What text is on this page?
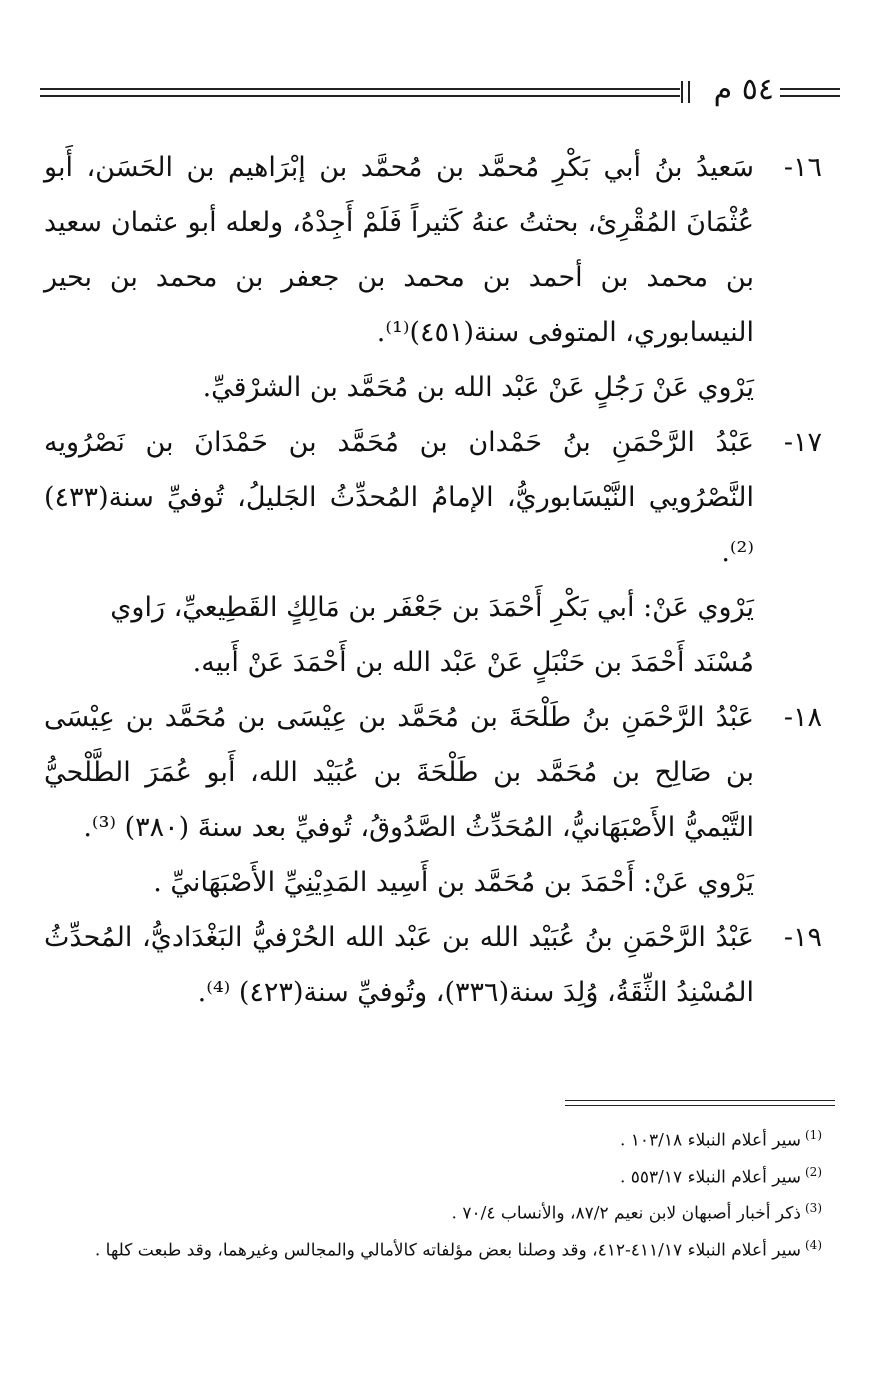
٥٤ م
١٦-
سَعيدُ بنُ أبي بَكْرِ مُحمَّد بن مُحمَّد بن إبْرَاهيم بن الحَسَن، أَبو عُثْمَانَ المُقْرِئ، بحثتُ عنهُ كَثيراً فَلَمْ أَجِدْهُ، ولعله أبو عثمان سعيد بن محمد بن أحمد بن محمد بن جعفر بن محمد بن بحير النيسابوري، المتوفى سنة(٤٥١)⁽¹⁾.
يَرْوي عَنْ رَجُلٍ عَنْ عَبْد الله بن مُحَمَّد بن الشرْقيِّ.
١٧-
عَبْدُ الرَّحْمَنِ بنُ حَمْدان بن مُحَمَّد بن حَمْدَانَ بن نَصْرُويه النَّصْرُويي النَّيْسَابوريُّ، الإمامُ المُحدِّثُ الجَليلُ، تُوفيِّ سنة(٤٣٣) ⁽²⁾.
يَرْوي عَنْ: أبي بَكْرِ أَحْمَدَ بن جَعْفَر بن مَالِكٍ القَطِيعيِّ، رَاوي مُسْنَد أَحْمَدَ بن حَنْبَلٍ عَنْ عَبْد الله بن أَحْمَدَ عَنْ أَبيه.
١٨-
عَبْدُ الرَّحْمَنِ بنُ طَلْحَةَ بن مُحَمَّد بن عِيْسَى بن مُحَمَّد بن عِيْسَى بن صَالِح بن مُحَمَّد بن طَلْحَةَ بن عُبَيْد الله، أَبو عُمَرَ الطَّلْحيُّ التَّيْميُّ الأَصْبَهَانيُّ، المُحَدِّثُ الصَّدُوقُ، تُوفيِّ بعد سنةَ (٣٨٠) ⁽³⁾.
يَرْوي عَنْ: أَحْمَدَ بن مُحَمَّد بن أَسِيد المَدِيْنِيِّ الأَصْبَهَانيِّ .
١٩-
عَبْدُ الرَّحْمَنِ بنُ عُبَيْد الله بن عَبْد الله الحُرْفيُّ البَغْدَاديُّ، المُحدِّثُ المُسْنِدُ الثِّقَةُ، وُلِدَ سنة(٣٣٦)، وتُوفيِّ سنة(٤٢٣) ⁽⁴⁾.

$^{(1)}$سير أعلام النبلاء ١٠٣/١٨ .

$^{(2)}$سير أعلام النبلاء ٥٥٣/١٧ .

$^{(3)}$ذكر أخبار أصبهان لابن نعيم ٨٧/٢، والأنساب ٧٠/٤ .

$^{(4)}$سير أعلام النبلاء ٤١١/١٧-٤١٢، وقد وصلنا بعض مؤلفاته كالأمالي والمجالس وغيرهما، وقد طبعت كلها .
